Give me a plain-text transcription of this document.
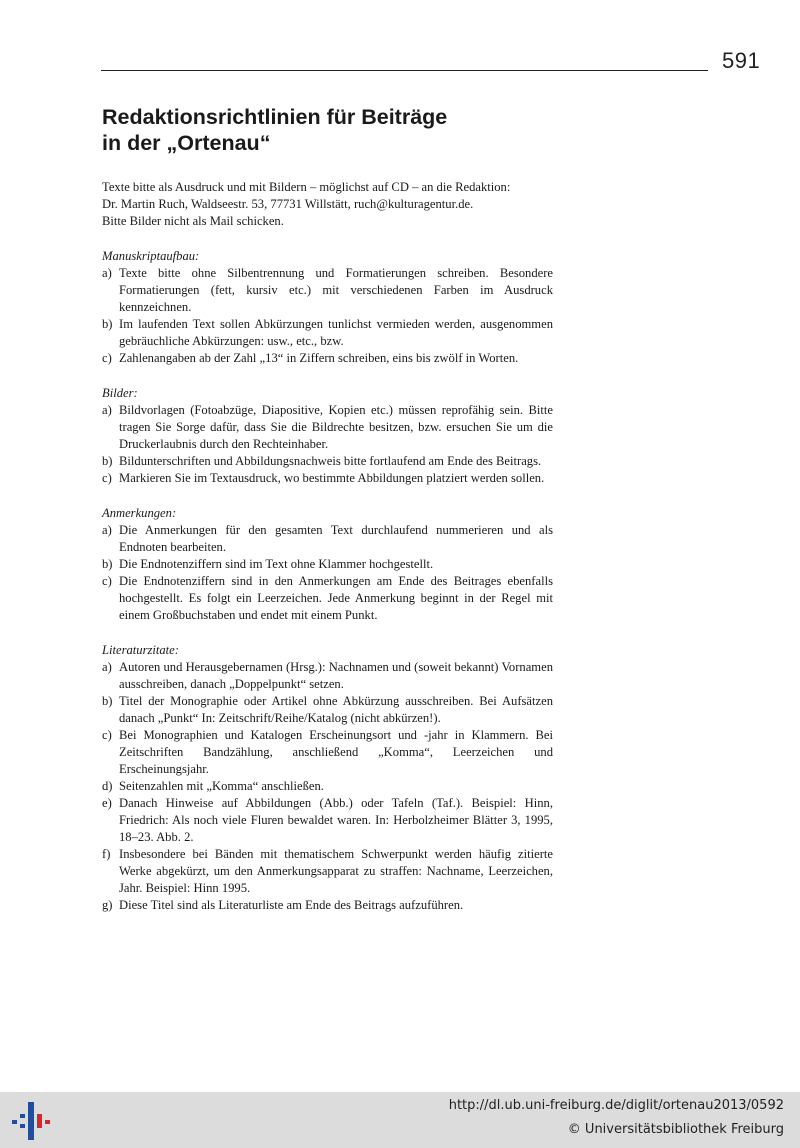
591
Redaktionsrichtlinien für Beiträge
in der „Ortenau“

Texte bitte als Ausdruck und mit Bildern – möglichst auf CD – an die Redaktion:
Dr. Martin Ruch, Waldseestr. 53, 77731 Willstätt, ruch@kulturagentur.de.
Bitte Bilder nicht als Mail schicken.

Manuskriptaufbau:

a) Texte bitte ohne Silbentrennung und Formatierungen schreiben. Besondere Formatierungen (fett, kursiv etc.) mit verschiedenen Farben im Ausdruck kennzeichnen.
b) Im laufenden Text sollen Abkürzungen tunlichst vermieden werden, ausgenommen gebräuchliche Abkürzungen: usw., etc., bzw.
c) Zahlenangaben ab der Zahl „13“ in Ziffern schreiben, eins bis zwölf in Worten.

Bilder:

a) Bildvorlagen (Fotoabzüge, Diapositive, Kopien etc.) müssen reprofähig sein. Bitte tragen Sie Sorge dafür, dass Sie die Bildrechte besitzen, bzw. ersuchen Sie um die Druckerlaubnis durch den Rechteinhaber.
b) Bildunterschriften und Abbildungsnachweis bitte fortlaufend am Ende des Beitrags.
c) Markieren Sie im Textausdruck, wo bestimmte Abbildungen platziert werden sollen.

Anmerkungen:

a) Die Anmerkungen für den gesamten Text durchlaufend nummerieren und als Endnoten bearbeiten.
b) Die Endnotenziffern sind im Text ohne Klammer hochgestellt.
c) Die Endnotenziffern sind in den Anmerkungen am Ende des Beitrages ebenfalls hochgestellt. Es folgt ein Leerzeichen. Jede Anmerkung beginnt in der Regel mit einem Großbuchstaben und endet mit einem Punkt.

Literaturzitate:

a) Autoren und Herausgebernamen (Hrsg.): Nachnamen und (soweit bekannt) Vornamen ausschreiben, danach „Doppelpunkt“ setzen.
b) Titel der Monographie oder Artikel ohne Abkürzung ausschreiben. Bei Aufsätzen danach „Punkt“ In: Zeitschrift/Reihe/Katalog (nicht abkürzen!).
c) Bei Monographien und Katalogen Erscheinungsort und -jahr in Klammern. Bei Zeitschriften Bandzählung, anschließend „Komma“, Leerzeichen und Erscheinungsjahr.
d) Seitenzahlen mit „Komma“ anschließen.
e) Danach Hinweise auf Abbildungen (Abb.) oder Tafeln (Taf.). Beispiel: Hinn, Friedrich: Als noch viele Fluren bewaldet waren. In: Herbolzheimer Blätter 3, 1995, 18–23. Abb. 2.
f) Insbesondere bei Bänden mit thematischem Schwerpunkt werden häufig zitierte Werke abgekürzt, um den Anmerkungsapparat zu straffen: Nachname, Leerzeichen, Jahr. Beispiel: Hinn 1995.
g) Diese Titel sind als Literaturliste am Ende des Beitrags aufzuführen.
http://dl.ub.uni-freiburg.de/diglit/ortenau2013/0592
© Universitätsbibliothek Freiburg
